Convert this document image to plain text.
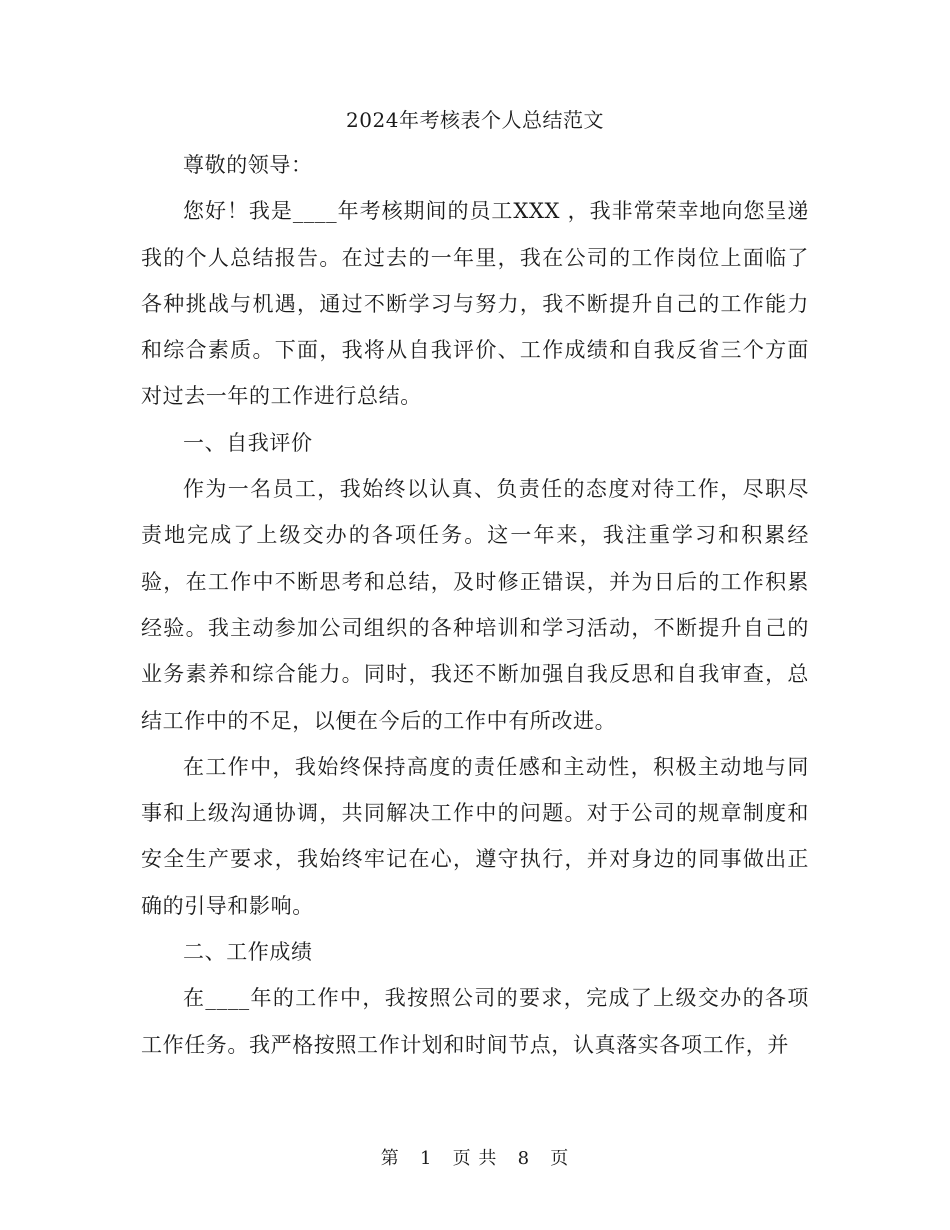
2024年考核表个人总结范文

尊敬的领导：

您好！我是____年考核期间的员工XXX ，我非常荣幸地向您呈递我的个人总结报告。在过去的一年里，我在公司的工作岗位上面临了各种挑战与机遇，通过不断学习与努力，我不断提升自己的工作能力和综合素质。下面，我将从自我评价、工作成绩和自我反省三个方面对过去一年的工作进行总结。

一、自我评价

作为一名员工，我始终以认真、负责任的态度对待工作，尽职尽责地完成了上级交办的各项任务。这一年来，我注重学习和积累经验，在工作中不断思考和总结，及时修正错误，并为日后的工作积累经验。我主动参加公司组织的各种培训和学习活动，不断提升自己的业务素养和综合能力。同时，我还不断加强自我反思和自我审查，总结工作中的不足，以便在今后的工作中有所改进。

在工作中，我始终保持高度的责任感和主动性，积极主动地与同事和上级沟通协调，共同解决工作中的问题。对于公司的规章制度和安全生产要求，我始终牢记在心，遵守执行，并对身边的同事做出正确的引导和影响。

二、工作成绩

在____年的工作中，我按照公司的要求，完成了上级交办的各项工作任务。我严格按照工作计划和时间节点，认真落实各项工作，并

第 1 页 共 8 页
